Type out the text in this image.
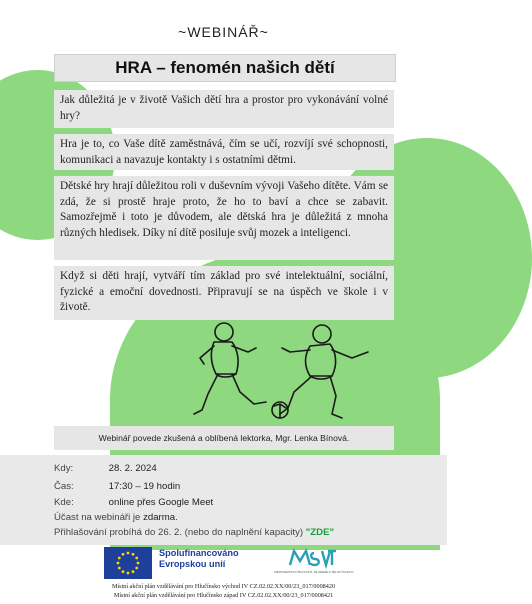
~WEBINÁŘ~
HRA – fenomén našich dětí
Jak důležitá je v životě Vašich dětí hra a prostor pro vykonávání volné hry?
Hra je to, co Vaše dítě zaměstnává, čím se učí, rozvíjí své schopnosti, komunikaci a navazuje kontakty i s ostatními dětmi.
Dětské hry hrají důležitou roli v duševním vývoji Vašeho dítěte. Vám se zdá, že si prostě hraje proto, že ho to baví a chce se zabavit. Samozřejmě i toto je důvodem, ale dětská hra je důležitá z mnoha různých hledisek. Díky ní dítě posiluje svůj mozek a inteligenci.
Když si děti hrají, vytváří tím základ pro své intelektuální, sociální, fyzické a emoční dovednosti. Připravují se na úspěch ve škole i v životě.
Webinář povede zkušená a oblíbená lektorka, Mgr. Lenka Bínová.
Kdy:	28. 2. 2024
Čas:	17:30 – 19 hodin
Kde:	online přes Google Meet
Účast na webináři je zdarma.
Přihlašování probíhá do 26. 2. (nebo do naplnění kapacity) "ZDE"
Spolufinancováno
Evropskou unií
MINISTERSTVO ŠKOLSTVÍ, MLÁDEŽE A TĚLOVÝCHOVY
Místní akční plán vzdělávání pro Hlučínsko východ IV CZ.02.02.XX/00/23_017/0008420
Místní akční plán vzdělávání pro Hlučínsko západ IV CZ.02.02.XX/00/23_017/0008421
